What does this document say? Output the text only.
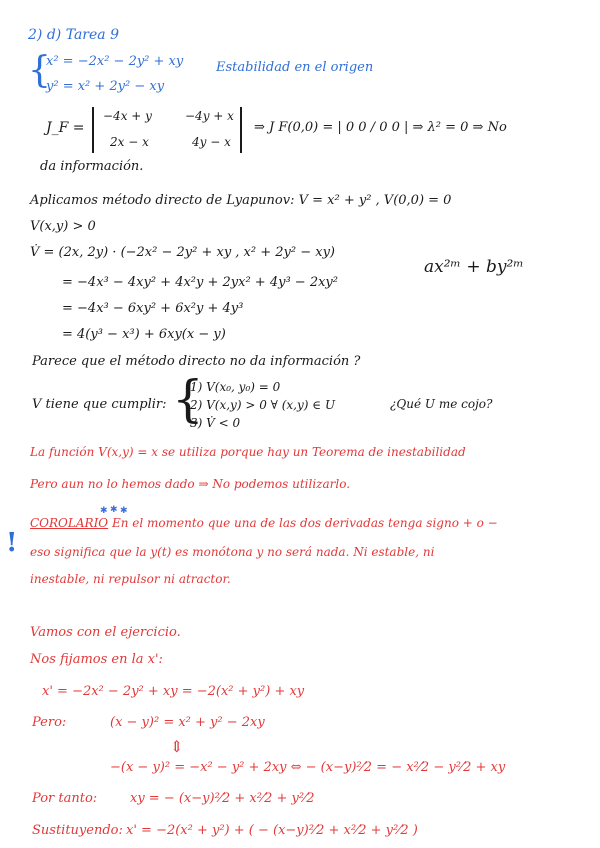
2) d) Tarea 9
{
x² = −2x² − 2y² + xy
y² = x² + 2y² − xy
Estabilidad en el origen
J_F =
−4x + y	−4y + x
2x − x	4y − x
⇒ J F(0,0) = | 0 0 / 0 0 | ⇒ λ² = 0 ⇒ No
da información.
Aplicamos método directo de Lyapunov: V = x² + y² , V(0,0) = 0
V(x,y) > 0
V̇ = (2x, 2y) · (−2x² − 2y² + xy , x² + 2y² − xy)
= −4x³ − 4xy² + 4x²y + 2yx² + 4y³ − 2xy²
= −4x³ − 6xy² + 6x²y + 4y³
= 4(y³ − x³) + 6xy(x − y)
ax²ᵐ + by²ᵐ
Parece que el método directo no da información ?
V tiene que cumplir: {
1) V(x₀, y₀) = 0
2) V(x,y) > 0 ∀ (x,y) ∈ U
3) V̇ < 0
¿Qué U me cojo?
La función V(x,y) = x se utiliza porque hay un Teorema de inestabilidad
Pero aun no lo hemos dado ⇒ No podemos utilizarlo.
✱ ✱ ✱
!
COROLARIO En el momento que una de las dos derivadas tenga signo + o −
eso significa que la y(t) es monótona y no será nada. Ni estable, ni
inestable, ni repulsor ni atractor.
Vamos con el ejercicio.
Nos fijamos en la x':
x' = −2x² − 2y² + xy = −2(x² + y²) + xy
Pero:	(x − y)² = x² + y² − 2xy
⇕
−(x − y)² = −x² − y² + 2xy ⇔ − (x−y)²⁄2 = − x²⁄2 − y²⁄2 + xy
Por tanto:	xy = − (x−y)²⁄2 + x²⁄2 + y²⁄2
Sustituyendo: x' = −2(x² + y²) + ( − (x−y)²⁄2 + x²⁄2 + y²⁄2 )
